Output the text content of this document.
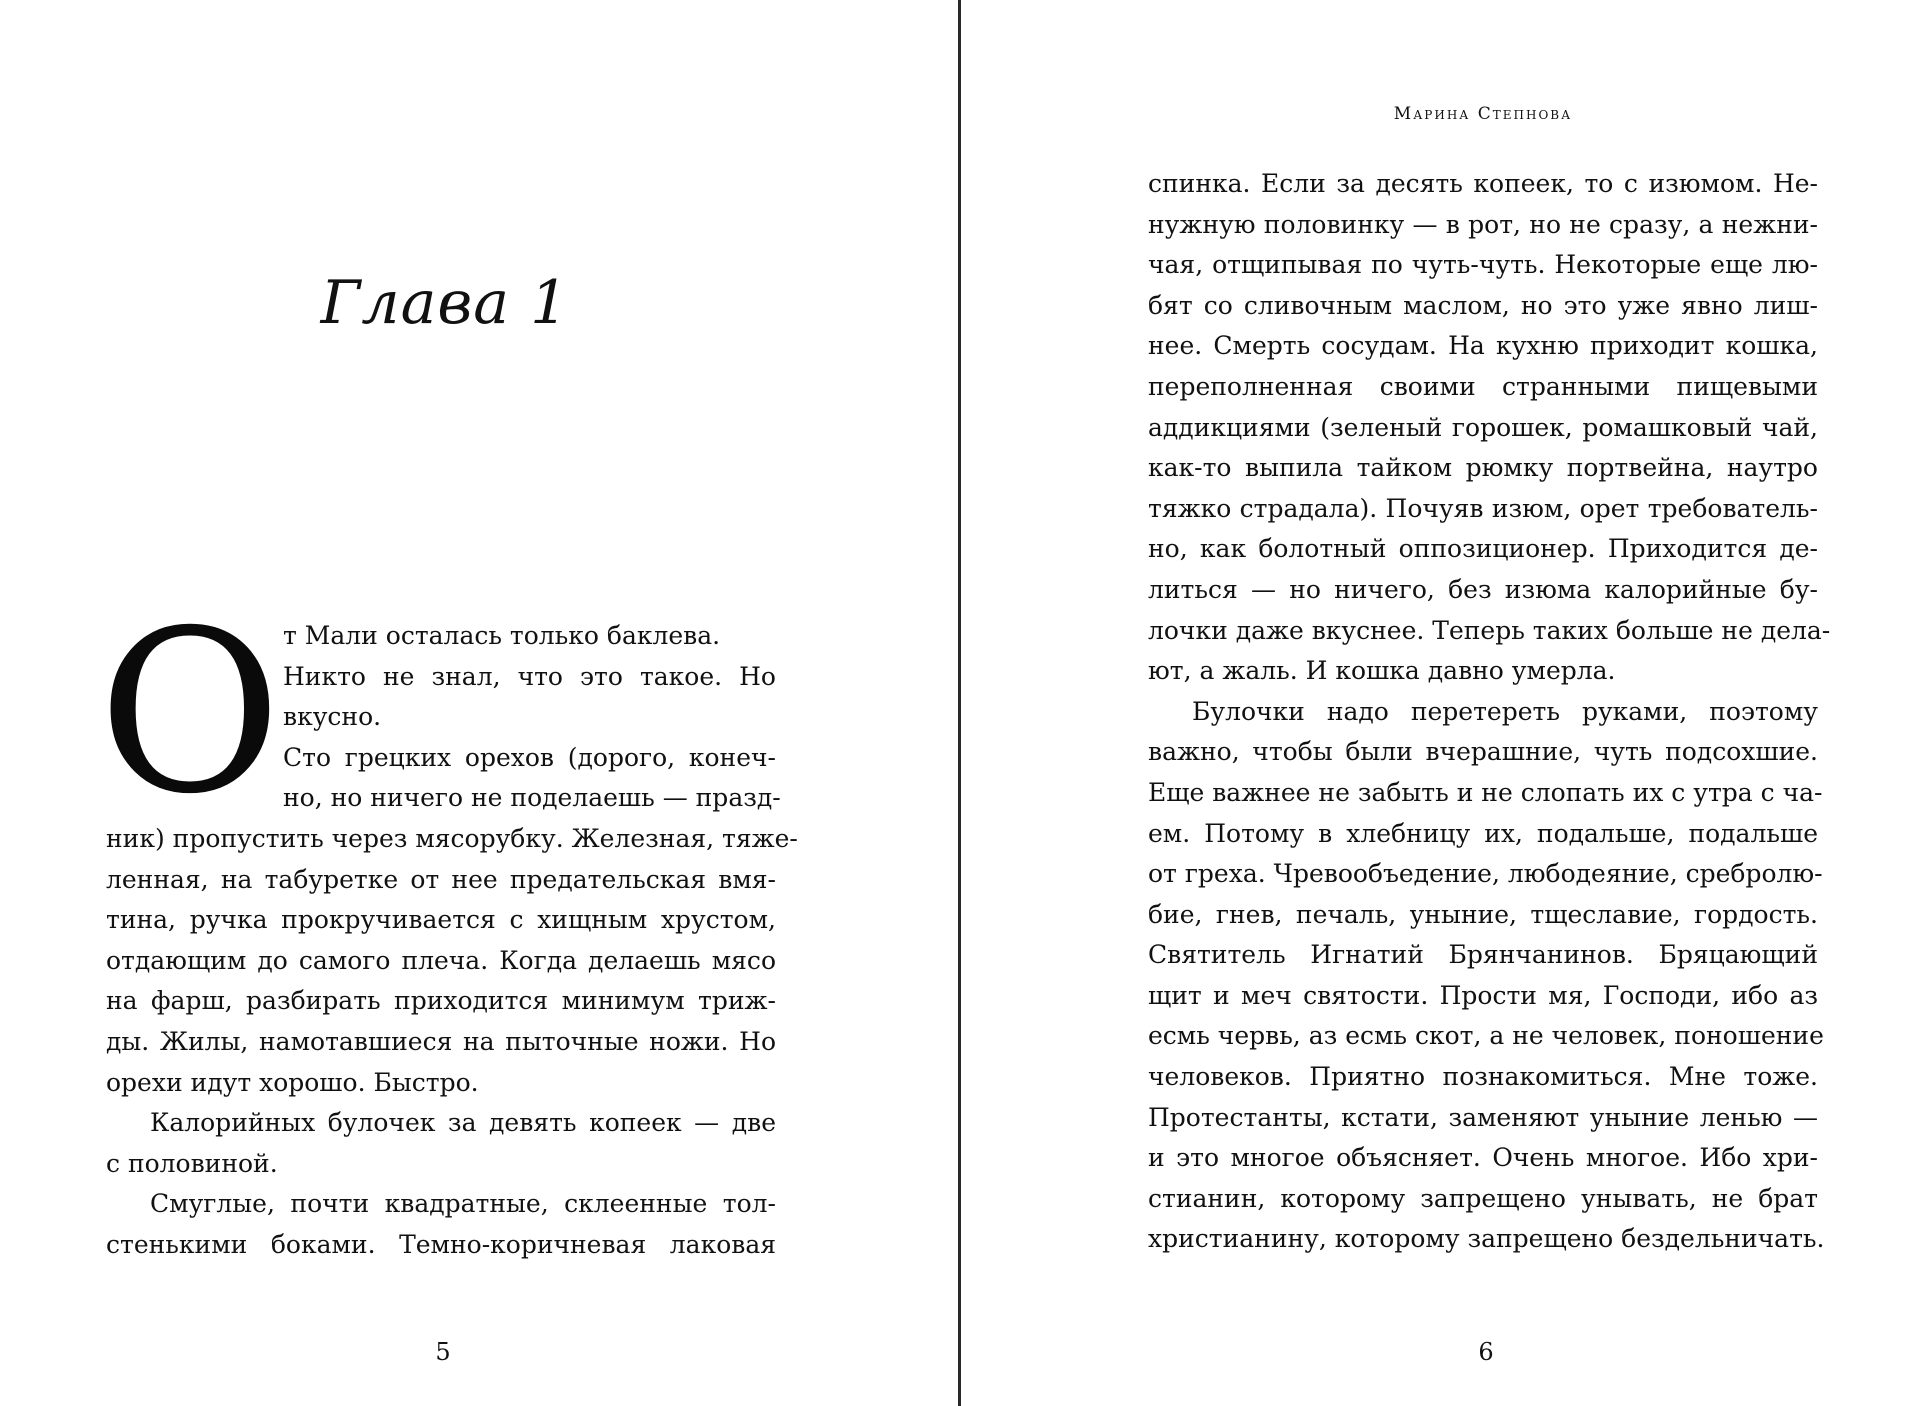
Глава 1
О т Мали осталась только баклева.
Никто не знал, что это такое. Но
вкусно.
Сто грецких орехов (дорого, конеч-
но, но ничего не поделаешь — празд-

ник) пропустить через мясорубку. Железная, тяже-
ленная, на табуретке от нее предательская вмя-
тина, ручка прокручивается с хищным хрустом,
отдающим до самого плеча. Когда делаешь мясо
на фарш, разбирать приходится минимум триж-
ды. Жилы, намотавшиеся на пыточные ножи. Но
орехи идут хорошо. Быстро.

Калорийных булочек за девять копеек — две
с половиной.

Смуглые, почти квадратные, склеенные тол-
стенькими боками. Темно-коричневая лаковая

5
Марина Степнова

спинка. Если за десять копеек, то с изюмом. Не-
нужную половинку — в рот, но не сразу, а нежни-
чая, отщипывая по чуть-чуть. Некоторые еще лю-
бят со сливочным маслом, но это уже явно лиш-
нее. Смерть сосудам. На кухню приходит кошка,
переполненная своими странными пищевыми
аддикциями (зеленый горошек, ромашковый чай,
как-то выпила тайком рюмку портвейна, наутро
тяжко страдала). Почуяв изюм, орет требователь-
но, как болотный оппозиционер. Приходится де-
литься — но ничего, без изюма калорийные бу-
лочки даже вкуснее. Теперь таких больше не дела-
ют, а жаль. И кошка давно умерла.

Булочки надо перетереть руками, поэтому
важно, чтобы были вчерашние, чуть подсохшие.
Еще важнее не забыть и не слопать их с утра с ча-
ем. Потому в хлебницу их, подальше, подальше
от греха. Чревообъедение, любодеяние, сребролю-
бие, гнев, печаль, уныние, тщеславие, гордость.
Святитель Игнатий Брянчанинов. Бряцающий
щит и меч святости. Прости мя, Господи, ибо аз
есмь червь, аз есмь скот, а не человек, поношение
человеков. Приятно познакомиться. Мне тоже.
Протестанты, кстати, заменяют уныние ленью —
и это многое объясняет. Очень многое. Ибо хри-
стианин, которому запрещено унывать, не брат
христианину, которому запрещено бездельничать.

6
